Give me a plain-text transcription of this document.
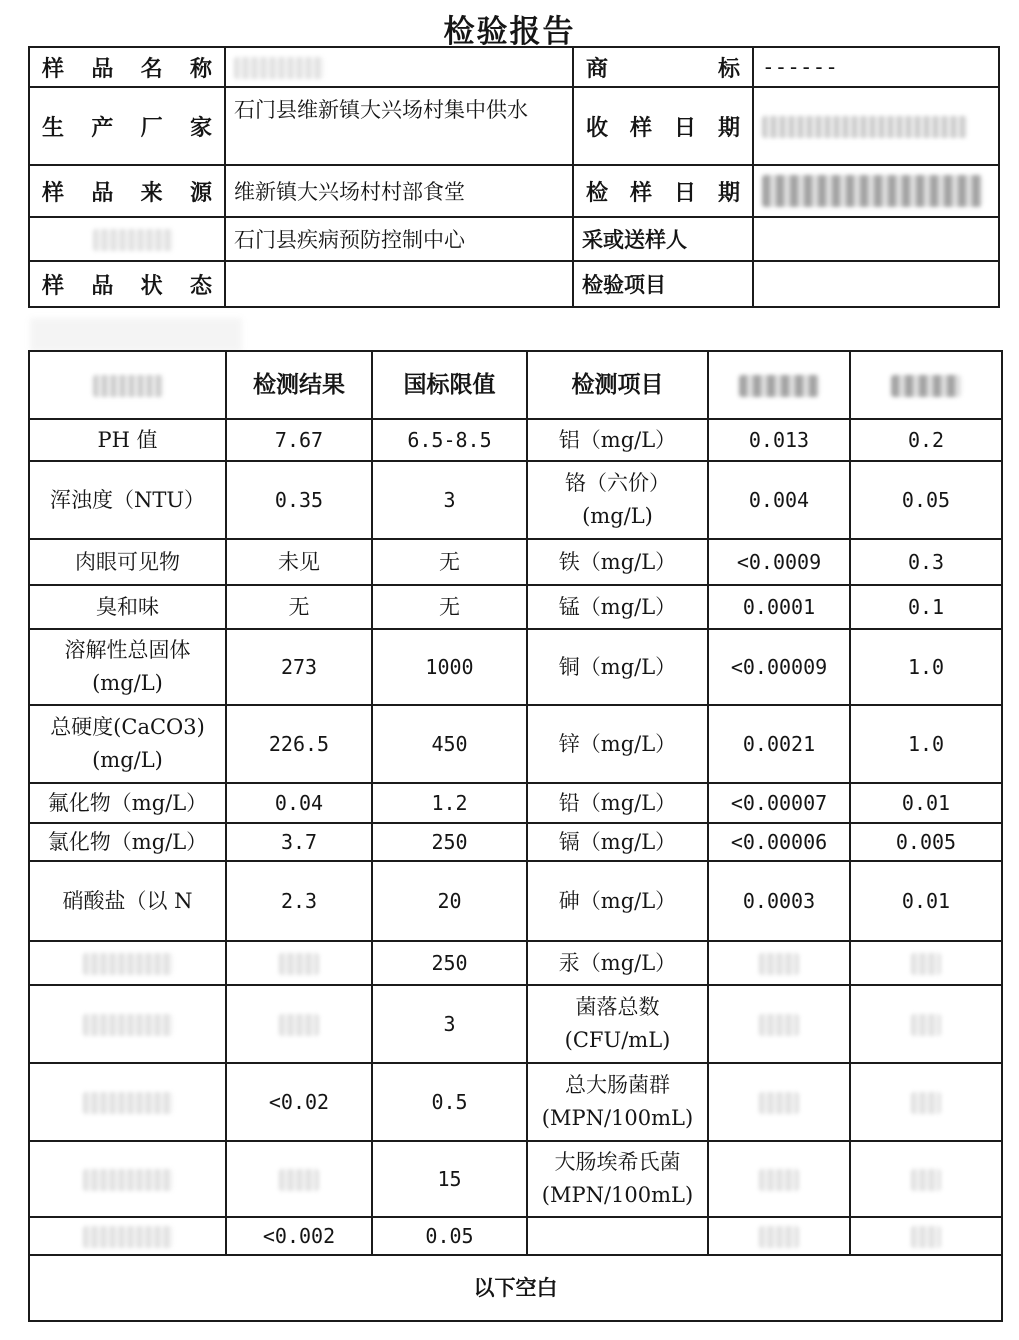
检验报告
样 品 名 称		商 标	------

生 产 厂 家	石门县维新镇大兴场村集中供水	收 样 日 期	

样 品 来 源	维新镇大兴场村村部食堂	检 样 日 期	

	石门县疾病预防控制中心	采或送样人	

样 品 状 态		检验项目	
	检测结果	国标限值	检测项目		
PH 值	7.67	6.5-8.5	铝（mg/L）	0.013	0.2
浑浊度（NTU）	0.35	3	铬（六价）(mg/L)	0.004	0.05
肉眼可见物	未见	无	铁（mg/L）	<0.0009	0.3
臭和味	无	无	锰（mg/L）	0.0001	0.1
溶解性总固体 (mg/L)	273	1000	铜（mg/L）	<0.00009	1.0
总硬度(CaCO3) (mg/L)	226.5	450	锌（mg/L）	0.0021	1.0
氟化物（mg/L）	0.04	1.2	铅（mg/L）	<0.00007	0.01
氯化物（mg/L）	3.7	250	镉（mg/L）	<0.00006	0.005
硝酸盐（以 N	2.3	20	砷（mg/L）	0.0003	0.01
		250	汞（mg/L）		
		3	菌落总数 (CFU/mL)		
	<0.02	0.5	总大肠菌群 (MPN/100mL)		
		15	大肠埃希氏菌 (MPN/100mL)		
	<0.002	0.05			
以下空白					
